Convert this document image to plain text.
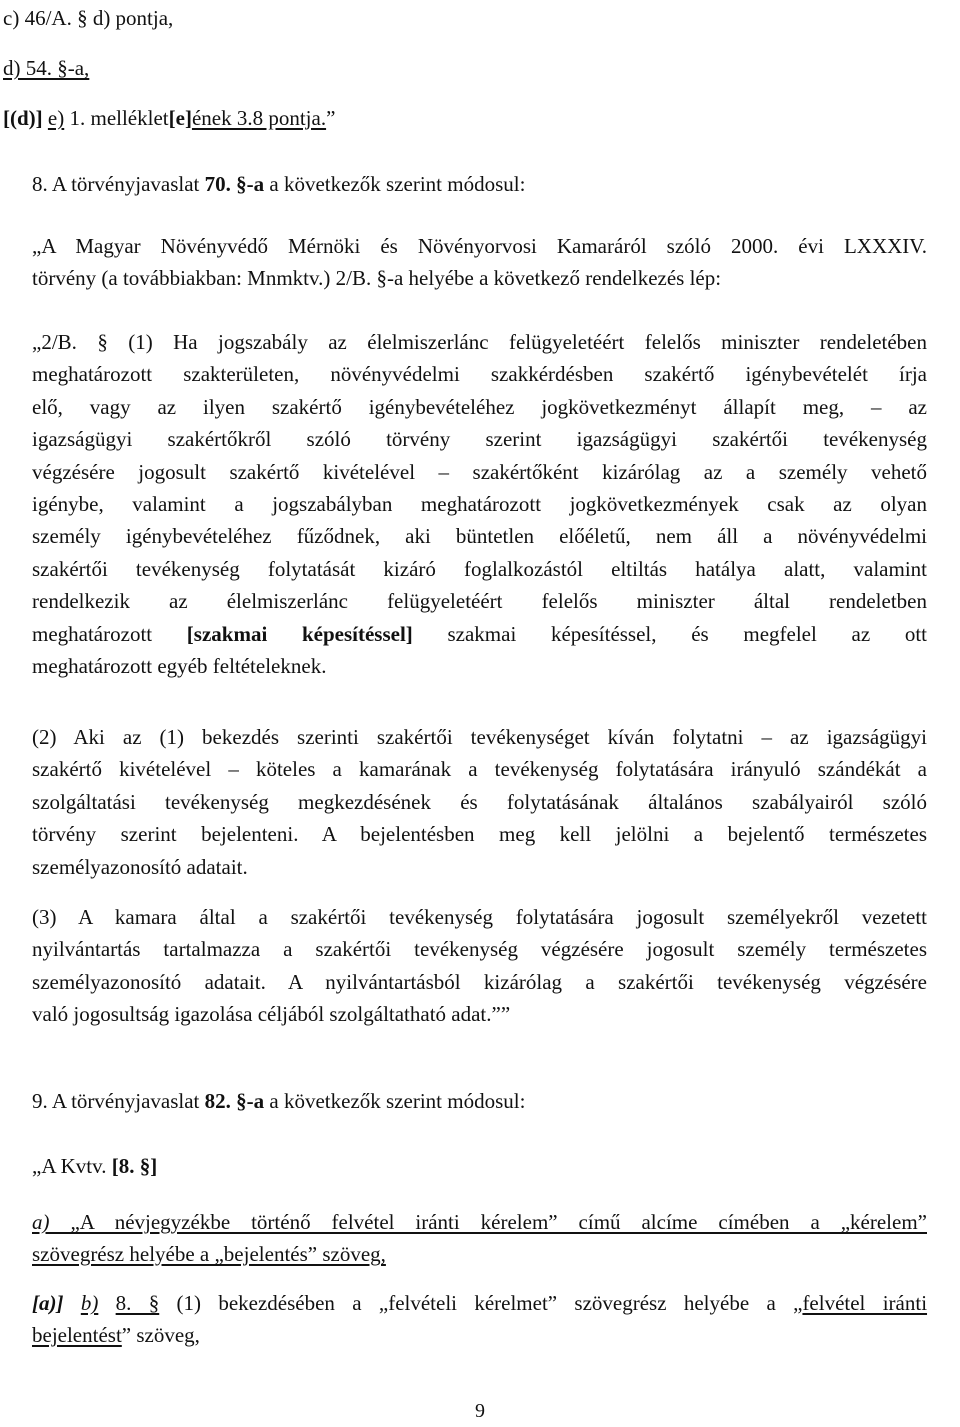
c) 46/A. § d) pontja,
d) 54. §-a,
[(d)] e) 1. melléklet[e]ének 3.8 pontja.”
8. A törvényjavaslat 70. §-a a következők szerint módosul:
„A Magyar Növényvédő Mérnöki és Növényorvosi Kamaráról szóló 2000. évi LXXXIV.
törvény (a továbbiakban: Mnmktv.) 2/B. §-a helyébe a következő rendelkezés lép:
„2/B. § (1) Ha jogszabály az élelmiszerlánc felügyeletéért felelős miniszter rendeletében
meghatározott szakterületen, növényvédelmi szakkérdésben szakértő igénybevételét írja
elő, vagy az ilyen szakértő igénybevételéhez jogkövetkezményt állapít meg, – az
igazságügyi szakértőkről szóló törvény szerint igazságügyi szakértői tevékenység
végzésére jogosult szakértő kivételével – szakértőként kizárólag az a személy vehető
igénybe, valamint a jogszabályban meghatározott jogkövetkezmények csak az olyan
személy igénybevételéhez fűződnek, aki büntetlen előéletű, nem áll a növényvédelmi
szakértői tevékenység folytatását kizáró foglalkozástól eltiltás hatálya alatt, valamint
rendelkezik az élelmiszerlánc felügyeletéért felelős miniszter által rendeletben
meghatározott [szakmai képesítéssel] szakmai képesítéssel, és megfelel az ott
meghatározott egyéb feltételeknek.
(2) Aki az (1) bekezdés szerinti szakértői tevékenységet kíván folytatni – az igazságügyi
szakértő kivételével – köteles a kamarának a tevékenység folytatására irányuló szándékát a
szolgáltatási tevékenység megkezdésének és folytatásának általános szabályairól szóló
törvény szerint bejelenteni. A bejelentésben meg kell jelölni a bejelentő természetes
személyazonosító adatait.
(3) A kamara által a szakértői tevékenység folytatására jogosult személyekről vezetett
nyilvántartás tartalmazza a szakértői tevékenység végzésére jogosult személy természetes
személyazonosító adatait. A nyilvántartásból kizárólag a szakértői tevékenység végzésére
való jogosultság igazolása céljából szolgáltatható adat.””
9. A törvényjavaslat 82. §-a a következők szerint módosul:
„A Kvtv. [8. §]
a) „A névjegyzékbe történő felvétel iránti kérelem” című alcíme címében a „kérelem”
szövegrész helyébe a „bejelentés” szöveg,
[a)] b) 8. § (1) bekezdésében a „felvételi kérelmet” szövegrész helyébe a „felvétel iránti
bejelentést” szöveg,
9
